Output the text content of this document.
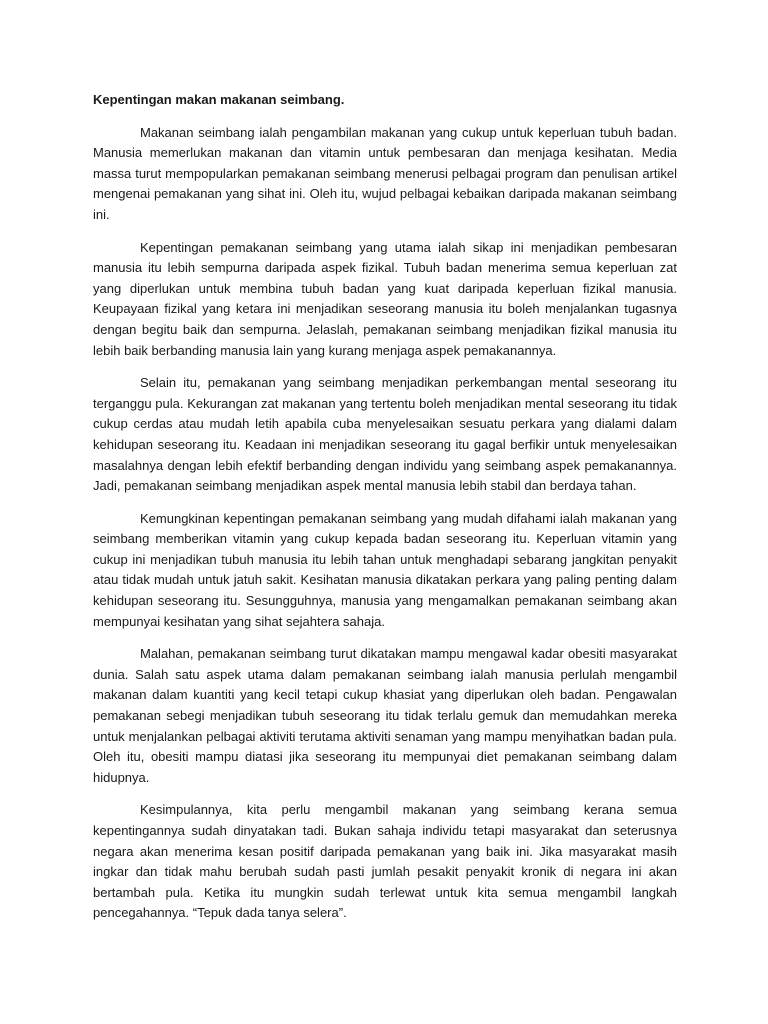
Kepentingan makan makanan seimbang.

Makanan seimbang ialah pengambilan makanan yang cukup untuk keperluan tubuh badan. Manusia memerlukan makanan dan vitamin untuk pembesaran dan menjaga kesihatan. Media massa turut mempopularkan pemakanan seimbang menerusi pelbagai program dan penulisan artikel mengenai pemakanan yang sihat ini. Oleh itu, wujud pelbagai kebaikan daripada makanan seimbang ini.

Kepentingan pemakanan seimbang yang utama ialah sikap ini menjadikan pembesaran manusia itu lebih sempurna daripada aspek fizikal. Tubuh badan menerima semua keperluan zat yang diperlukan untuk membina tubuh badan yang kuat daripada keperluan fizikal manusia. Keupayaan fizikal yang ketara ini menjadikan seseorang manusia itu boleh menjalankan tugasnya dengan begitu baik dan sempurna. Jelaslah, pemakanan seimbang menjadikan fizikal manusia itu lebih baik berbanding manusia lain yang kurang menjaga aspek pemakanannya.

Selain itu, pemakanan yang seimbang menjadikan perkembangan mental seseorang itu terganggu pula. Kekurangan zat makanan yang tertentu boleh menjadikan mental seseorang itu tidak cukup cerdas atau mudah letih apabila cuba menyelesaikan sesuatu perkara yang dialami dalam kehidupan seseorang itu. Keadaan ini menjadikan seseorang itu gagal berfikir untuk menyelesaikan masalahnya dengan lebih efektif berbanding dengan individu yang seimbang aspek pemakanannya. Jadi, pemakanan seimbang menjadikan aspek mental manusia lebih stabil dan berdaya tahan.

Kemungkinan kepentingan pemakanan seimbang yang mudah difahami ialah makanan yang seimbang memberikan vitamin yang cukup kepada badan seseorang itu. Keperluan vitamin yang cukup ini menjadikan tubuh manusia itu lebih tahan untuk menghadapi sebarang jangkitan penyakit atau tidak mudah untuk jatuh sakit. Kesihatan manusia dikatakan perkara yang paling penting dalam kehidupan seseorang itu. Sesungguhnya, manusia yang mengamalkan pemakanan seimbang akan mempunyai kesihatan yang sihat sejahtera sahaja.

Malahan, pemakanan seimbang turut dikatakan mampu mengawal kadar obesiti masyarakat dunia. Salah satu aspek utama dalam pemakanan seimbang ialah manusia perlulah mengambil makanan dalam kuantiti yang kecil tetapi cukup khasiat yang diperlukan oleh badan. Pengawalan pemakanan sebegi menjadikan tubuh seseorang itu tidak terlalu gemuk dan memudahkan mereka untuk menjalankan pelbagai aktiviti terutama aktiviti senaman yang mampu menyihatkan badan pula. Oleh itu, obesiti mampu diatasi jika seseorang itu mempunyai diet pemakanan seimbang dalam hidupnya.

Kesimpulannya, kita perlu mengambil makanan yang seimbang kerana semua kepentingannya sudah dinyatakan tadi. Bukan sahaja individu tetapi masyarakat dan seterusnya negara akan menerima kesan positif daripada pemakanan yang baik ini. Jika masyarakat masih ingkar dan tidak mahu berubah sudah pasti jumlah pesakit penyakit kronik di negara ini akan bertambah pula. Ketika itu mungkin sudah terlewat untuk kita semua mengambil langkah pencegahannya. “Tepuk dada tanya selera”.
